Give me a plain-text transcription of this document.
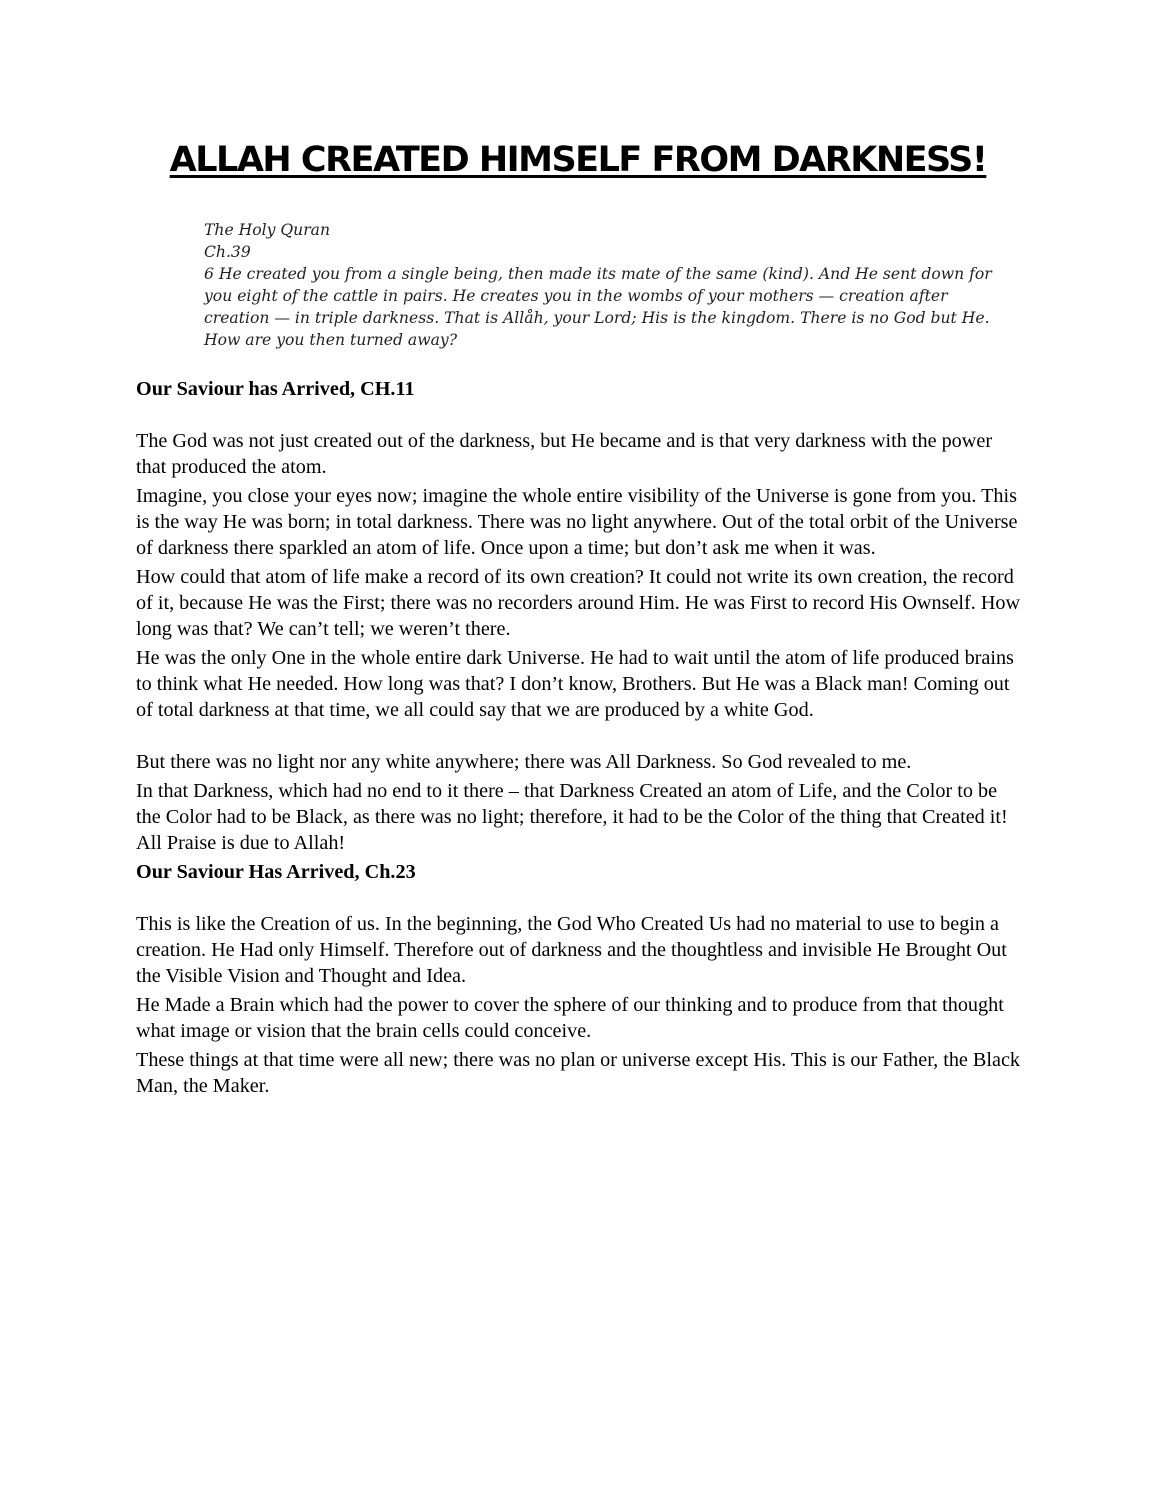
ALLAH CREATED HIMSELF FROM DARKNESS!
The Holy Quran
Ch.39
6 He created you from a single being, then made its mate of the same (kind). And He sent down for you eight of the cattle in pairs. He creates you in the wombs of your mothers — creation after creation — in triple darkness. That is Allåh, your Lord; His is the kingdom. There is no God but He. How are you then turned away?

Our Saviour has Arrived, CH.11

The God was not just created out of the darkness, but He became and is that very darkness with the power that produced the atom.

Imagine, you close your eyes now; imagine the whole entire visibility of the Universe is gone from you. This is the way He was born; in total darkness. There was no light anywhere. Out of the total orbit of the Universe of darkness there sparkled an atom of life. Once upon a time; but don’t ask me when it was.

How could that atom of life make a record of its own creation? It could not write its own creation, the record of it, because He was the First; there was no recorders around Him. He was First to record His Ownself. How long was that? We can’t tell; we weren’t there.

He was the only One in the whole entire dark Universe. He had to wait until the atom of life produced brains to think what He needed. How long was that? I don’t know, Brothers. But He was a Black man! Coming out of total darkness at that time, we all could say that we are produced by a white God.

But there was no light nor any white anywhere; there was All Darkness. So God revealed to me.

In that Darkness, which had no end to it there – that Darkness Created an atom of Life, and the Color to be the Color had to be Black, as there was no light; therefore, it had to be the Color of the thing that Created it! All Praise is due to Allah!

Our Saviour Has Arrived, Ch.23

This is like the Creation of us. In the beginning, the God Who Created Us had no material to use to begin a creation. He Had only Himself. Therefore out of darkness and the thoughtless and invisible He Brought Out the Visible Vision and Thought and Idea.

He Made a Brain which had the power to cover the sphere of our thinking and to produce from that thought what image or vision that the brain cells could conceive.

These things at that time were all new; there was no plan or universe except His. This is our Father, the Black Man, the Maker.
